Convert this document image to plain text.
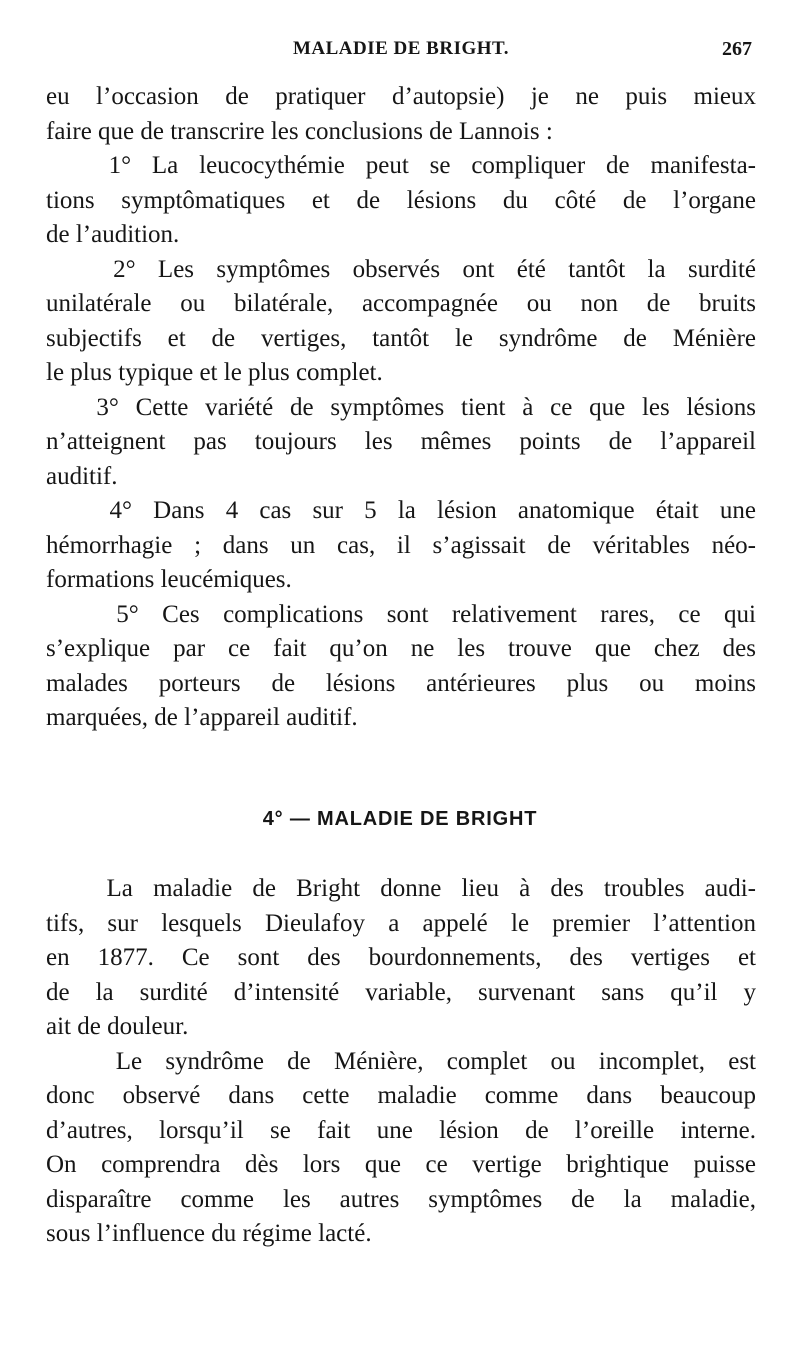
MALADIE DE BRIGHT.	267
eu l’occasion de pratiquer d’autopsie) je ne puis mieux
faire que de transcrire les conclusions de Lannois :
1° La leucocythémie peut se compliquer de manifesta-
tions symptômatiques et de lésions du côté de l’organe
de l’audition.
2° Les symptômes observés ont été tantôt la surdité
unilatérale ou bilatérale, accompagnée ou non de bruits
subjectifs et de vertiges, tantôt le syndrôme de Ménière
le plus typique et le plus complet.
3° Cette variété de symptômes tient à ce que les lésions
n’atteignent pas toujours les mêmes points de l’appareil
auditif.
4° Dans 4 cas sur 5 la lésion anatomique était une
hémorrhagie ; dans un cas, il s’agissait de véritables néo-
formations leucémiques.
5° Ces complications sont relativement rares, ce qui
s’explique par ce fait qu’on ne les trouve que chez des
malades porteurs de lésions antérieures plus ou moins
marquées, de l’appareil auditif.
4° — MALADIE DE BRIGHT
La maladie de Bright donne lieu à des troubles audi-
tifs, sur lesquels Dieulafoy a appelé le premier l’attention
en 1877. Ce sont des bourdonnements, des vertiges et
de la surdité d’intensité variable, survenant sans qu’il y
ait de douleur.
Le syndrôme de Ménière, complet ou incomplet, est
donc observé dans cette maladie comme dans beaucoup
d’autres, lorsqu’il se fait une lésion de l’oreille interne.
On comprendra dès lors que ce vertige brightique puisse
disparaître comme les autres symptômes de la maladie,
sous l’influence du régime lacté.
